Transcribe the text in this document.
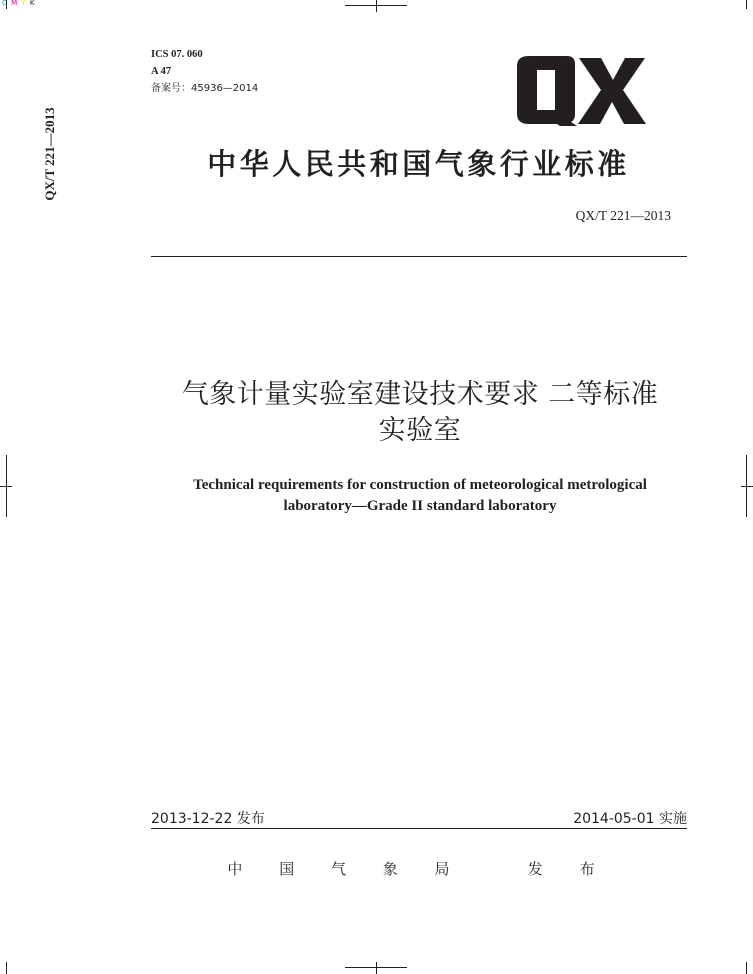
C M Y K
QX/T 221—2013
ICS 07. 060
A 47
备案号：45936—2014
中华人民共和国气象行业标准
QX/T 221—2013
气象计量实验室建设技术要求 二等标准
实验室
Technical requirements for construction of meteorological metrological
laboratory—Grade II standard laboratory
2013-12-22 发布	2014-05-01 实施
中 国 气 象 局   发 布
